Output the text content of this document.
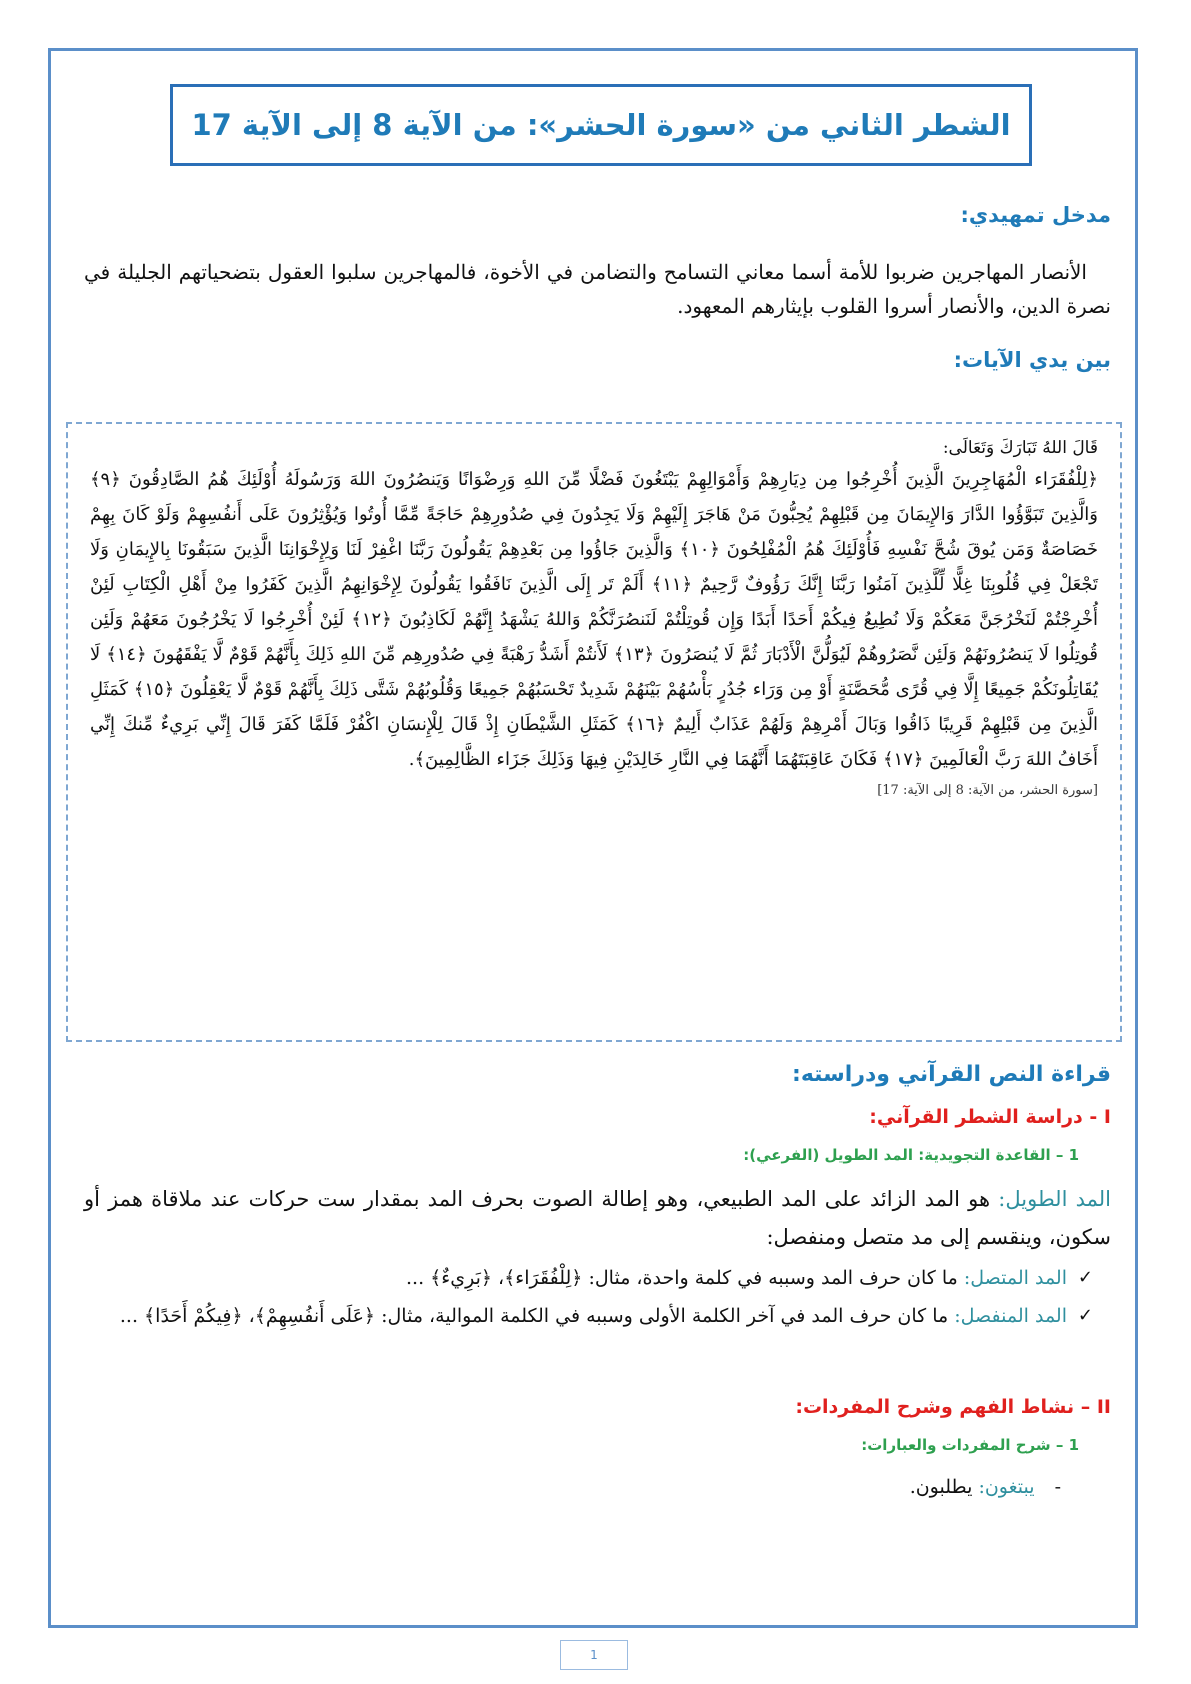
الشطر الثاني من «سورة الحشر»: من الآية 8 إلى الآية 17
مدخل تمهيدي:

الأنصار المهاجرين ضربوا للأمة أسما معاني التسامح والتضامن في الأخوة، فالمهاجرين سلبوا العقول بتضحياتهم الجليلة في نصرة الدين، والأنصار أسروا القلوب بإيثارهم المعهود.

بين يدي الآيات:

قَالَ اللهُ تَبَارَكَ وَتَعَالَى:

﴿لِلْفُقَرَاء الْمُهَاجِرِينَ الَّذِينَ أُخْرِجُوا مِن دِيَارِهِمْ وَأَمْوَالِهِمْ يَبْتَغُونَ فَضْلًا مِّنَ اللهِ وَرِضْوَانًا وَيَنصُرُونَ اللهَ وَرَسُولَهُ أُوْلَئِكَ هُمُ الصَّادِقُونَ ﴿٩﴾ وَالَّذِينَ تَبَوَّؤُوا الدَّارَ وَالإِيمَانَ مِن قَبْلِهِمْ يُحِبُّونَ مَنْ هَاجَرَ إِلَيْهِمْ وَلَا يَجِدُونَ فِي صُدُورِهِمْ حَاجَةً مِّمَّا أُوتُوا وَيُؤْثِرُونَ عَلَى أَنفُسِهِمْ وَلَوْ كَانَ بِهِمْ خَصَاصَةٌ وَمَن يُوقَ شُحَّ نَفْسِهِ فَأُوْلَئِكَ هُمُ الْمُفْلِحُونَ ﴿١٠﴾ وَالَّذِينَ جَاؤُوا مِن بَعْدِهِمْ يَقُولُونَ رَبَّنَا اغْفِرْ لَنَا وَلِإِخْوَانِنَا الَّذِينَ سَبَقُونَا بِالإِيمَانِ وَلَا تَجْعَلْ فِي قُلُوبِنَا غِلًّا لِّلَّذِينَ آمَنُوا رَبَّنَا إِنَّكَ رَؤُوفٌ رَّحِيمٌ ﴿١١﴾ أَلَمْ تَر إِلَى الَّذِينَ نَافَقُوا يَقُولُونَ لِإِخْوَانِهِمُ الَّذِينَ كَفَرُوا مِنْ أَهْلِ الْكِتَابِ لَئِنْ أُخْرِجْتُمْ لَنَخْرُجَنَّ مَعَكُمْ وَلَا نُطِيعُ فِيكُمْ أَحَدًا أَبَدًا وَإِن قُوتِلْتُمْ لَنَنصُرَنَّكُمْ وَاللهُ يَشْهَدُ إِنَّهُمْ لَكَاذِبُونَ ﴿١٢﴾ لَئِنْ أُخْرِجُوا لَا يَخْرُجُونَ مَعَهُمْ وَلَئِن قُوتِلُوا لَا يَنصُرُونَهُمْ وَلَئِن نَّصَرُوهُمْ لَيُوَلُّنَّ الْأَدْبَارَ ثُمَّ لَا يُنصَرُونَ ﴿١٣﴾ لَأَنتُمْ أَشَدُّ رَهْبَةً فِي صُدُورِهِم مِّنَ اللهِ ذَلِكَ بِأَنَّهُمْ قَوْمٌ لَّا يَفْقَهُونَ ﴿١٤﴾ لَا يُقَاتِلُونَكُمْ جَمِيعًا إِلَّا فِي قُرًى مُّحَصَّنَةٍ أَوْ مِن وَرَاء جُدُرٍ بَأْسُهُمْ بَيْنَهُمْ شَدِيدٌ تَحْسَبُهُمْ جَمِيعًا وَقُلُوبُهُمْ شَتَّى ذَلِكَ بِأَنَّهُمْ قَوْمٌ لَّا يَعْقِلُونَ ﴿١٥﴾ كَمَثَلِ الَّذِينَ مِن قَبْلِهِمْ قَرِيبًا ذَاقُوا وَبَالَ أَمْرِهِمْ وَلَهُمْ عَذَابٌ أَلِيمٌ ﴿١٦﴾ كَمَثَلِ الشَّيْطَانِ إِذْ قَالَ لِلْإِنسَانِ اكْفُرْ فَلَمَّا كَفَرَ قَالَ إِنِّي بَرِيءٌ مِّنكَ إِنِّي أَخَافُ اللهَ رَبَّ الْعَالَمِينَ ﴿١٧﴾ فَكَانَ عَاقِبَتَهُمَا أَنَّهُمَا فِي النَّارِ خَالِدَيْنِ فِيهَا وَذَلِكَ جَزَاء الظَّالِمِينَ﴾.

[سورة الحشر، من الآية: 8 إلى الآية: 17]
قراءة النص القرآني ودراسته:
I - دراسة الشطر القرآني:
1 – القاعدة التجويدية: المد الطويل (الفرعي):

المد الطويل: هو المد الزائد على المد الطبيعي، وهو إطالة الصوت بحرف المد بمقدار ست حركات عند ملاقاة همز أو سكون، وينقسم إلى مد متصل ومنفصل:

✓
المد المتصل: ما كان حرف المد وسببه في كلمة واحدة، مثال: ﴿لِلْفُقَرَاء﴾، ﴿بَرِيءٌ﴾ ...
✓
المد المنفصل: ما كان حرف المد في آخر الكلمة الأولى وسببه في الكلمة الموالية، مثال: ﴿عَلَى أَنفُسِهِمْ﴾، ﴿فِيكُمْ أَحَدًا﴾ ...
II – نشاط الفهم وشرح المفردات:
1 – شرح المفردات والعبارات:

- يبتغون: يطلبون.

1
